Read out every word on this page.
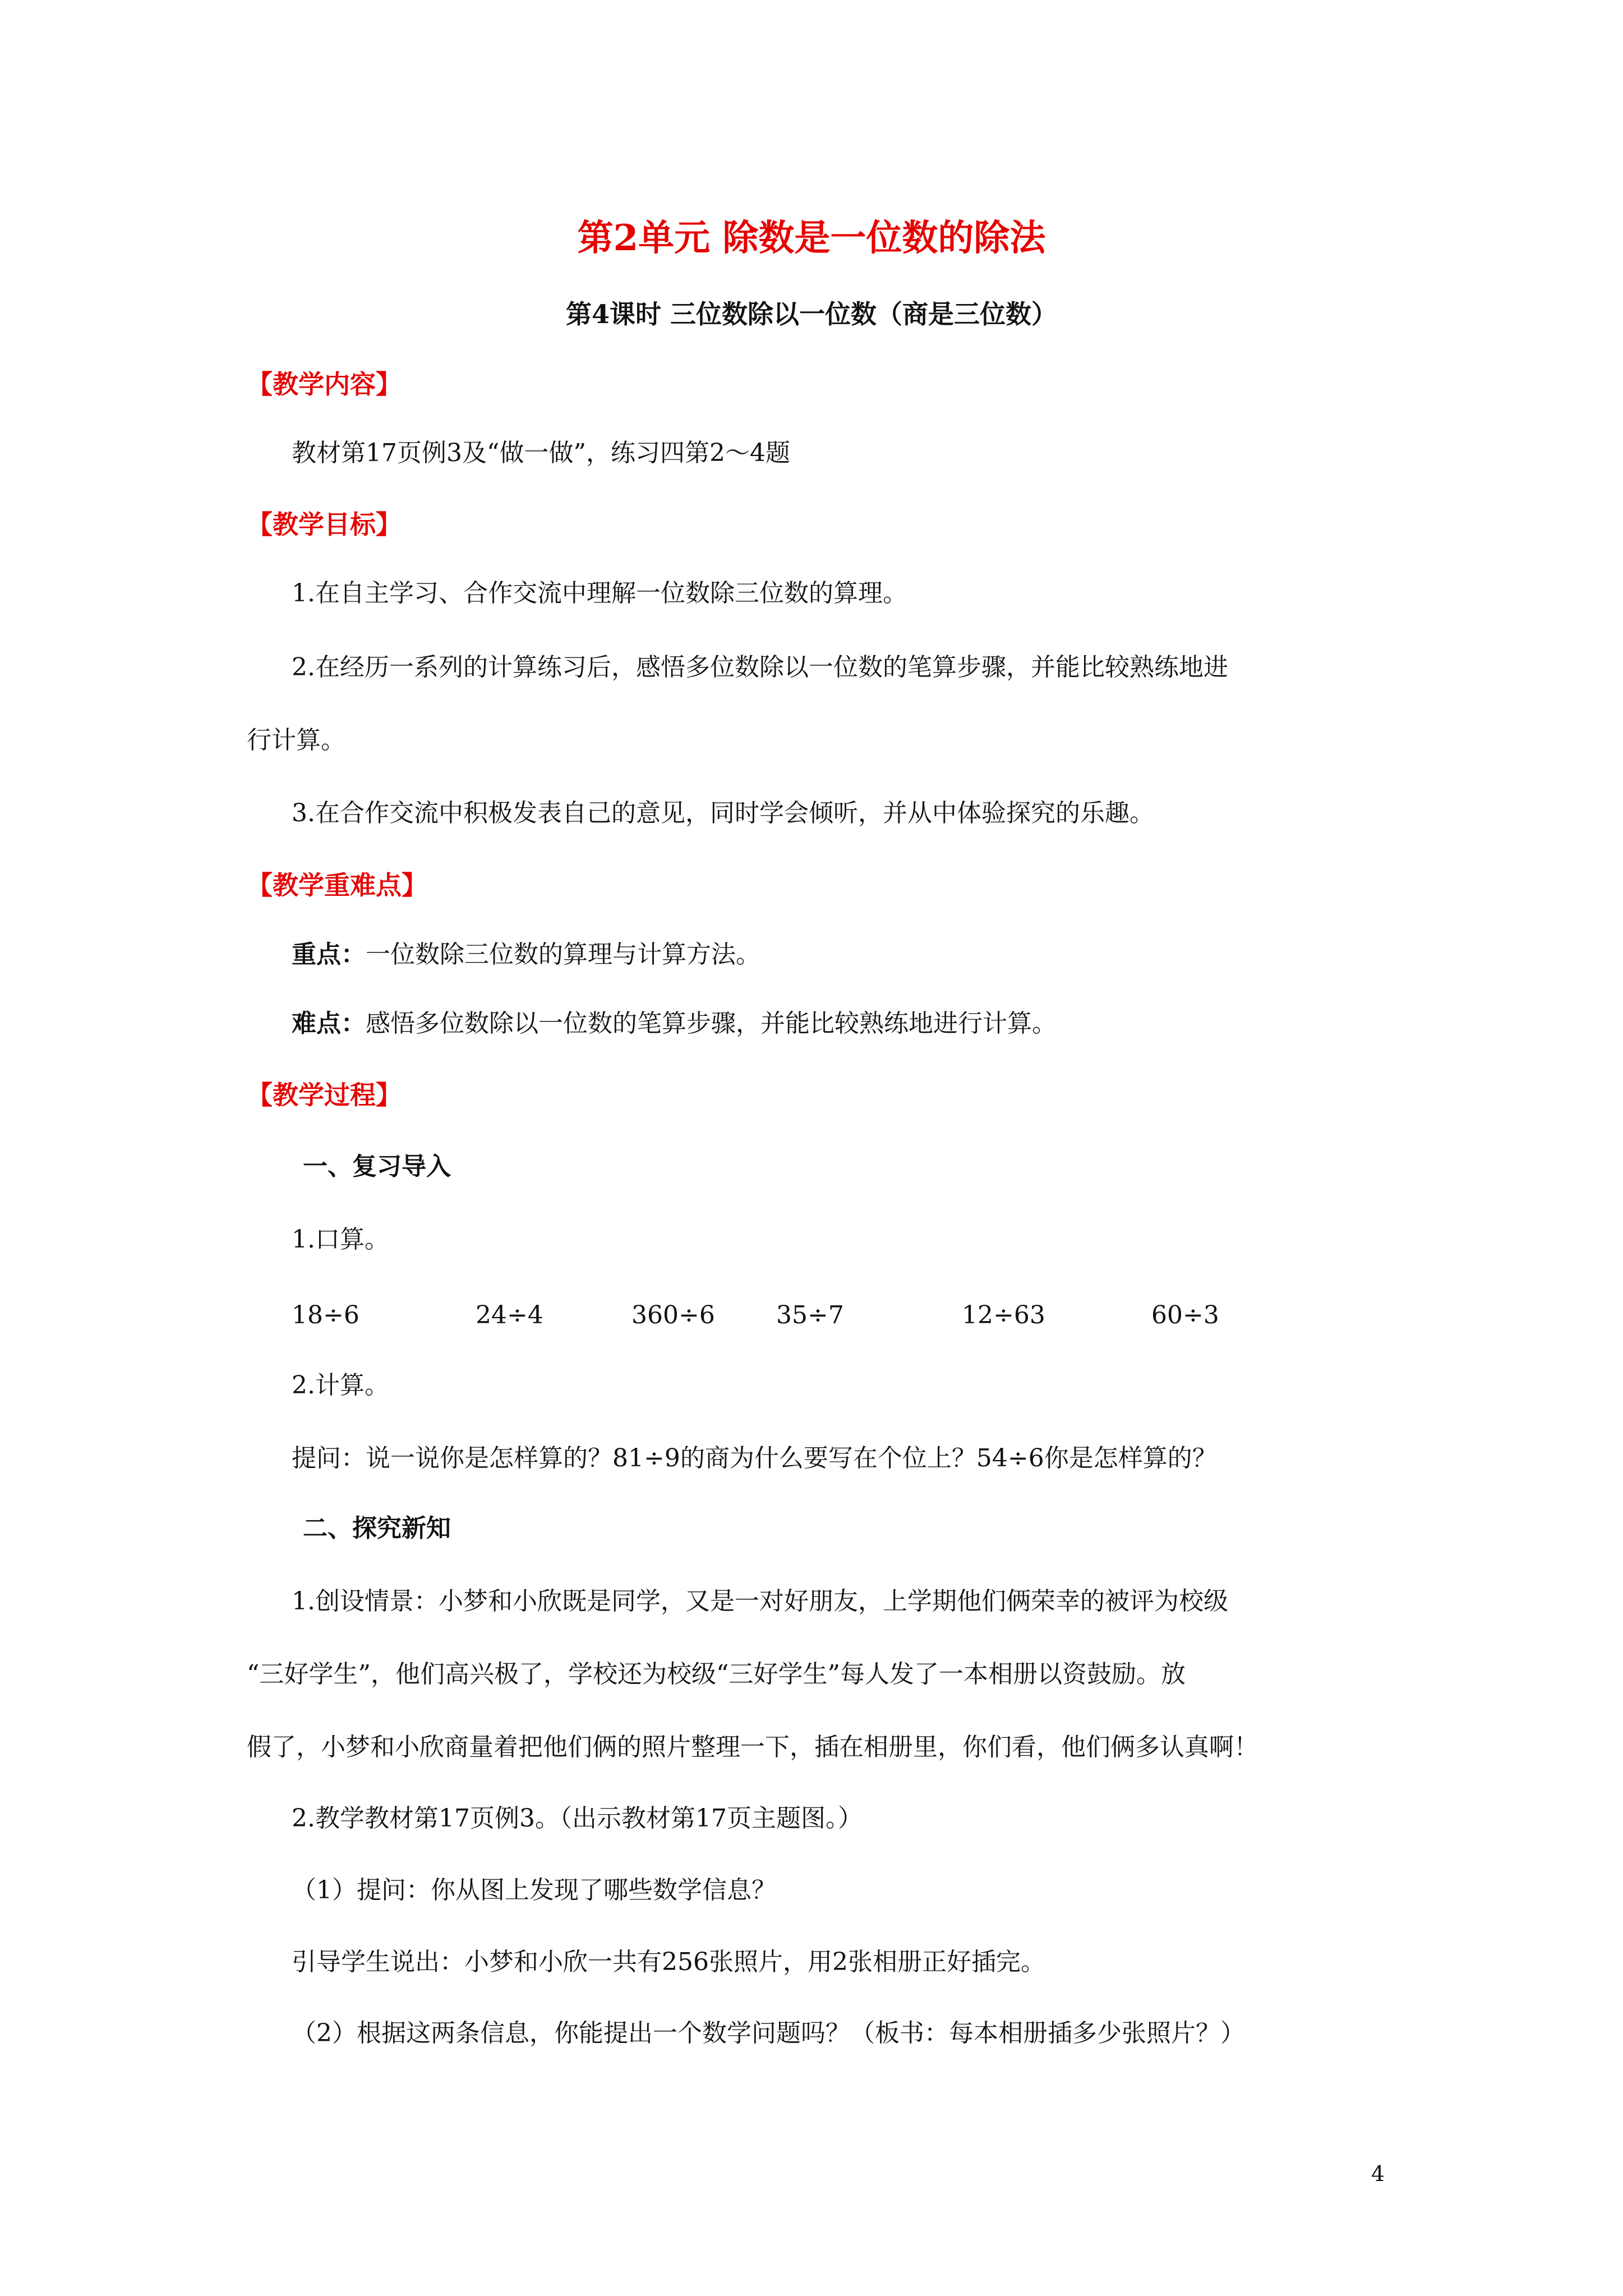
第2单元 除数是一位数的除法
第4课时 三位数除以一位数（商是三位数）
【教学内容】
教材第17页例3及“做一做”，练习四第2～4题
【教学目标】
1.在自主学习、合作交流中理解一位数除三位数的算理。
2.在经历一系列的计算练习后，感悟多位数除以一位数的笔算步骤，并能比较熟练地进
行计算。
3.在合作交流中积极发表自己的意见，同时学会倾听，并从中体验探究的乐趣。
【教学重难点】
重点：一位数除三位数的算理与计算方法。
难点：感悟多位数除以一位数的笔算步骤，并能比较熟练地进行计算。
【教学过程】
一、复习导入
1.口算。
18÷6	24÷4	360÷6 35÷7	12÷63	60÷3
2.计算。
提问：说一说你是怎样算的？81÷9的商为什么要写在个位上？54÷6你是怎样算的？
二、探究新知
1.创设情景：小梦和小欣既是同学，又是一对好朋友，上学期他们俩荣幸的被评为校级
“三好学生”，他们高兴极了，学校还为校级“三好学生”每人发了一本相册以资鼓励。放
假了，小梦和小欣商量着把他们俩的照片整理一下，插在相册里，你们看，他们俩多认真啊！
2.教学教材第17页例3。（出示教材第17页主题图。）
（1）提问：你从图上发现了哪些数学信息？
引导学生说出：小梦和小欣一共有256张照片，用2张相册正好插完。
（2）根据这两条信息，你能提出一个数学问题吗？（板书：每本相册插多少张照片？）
4
